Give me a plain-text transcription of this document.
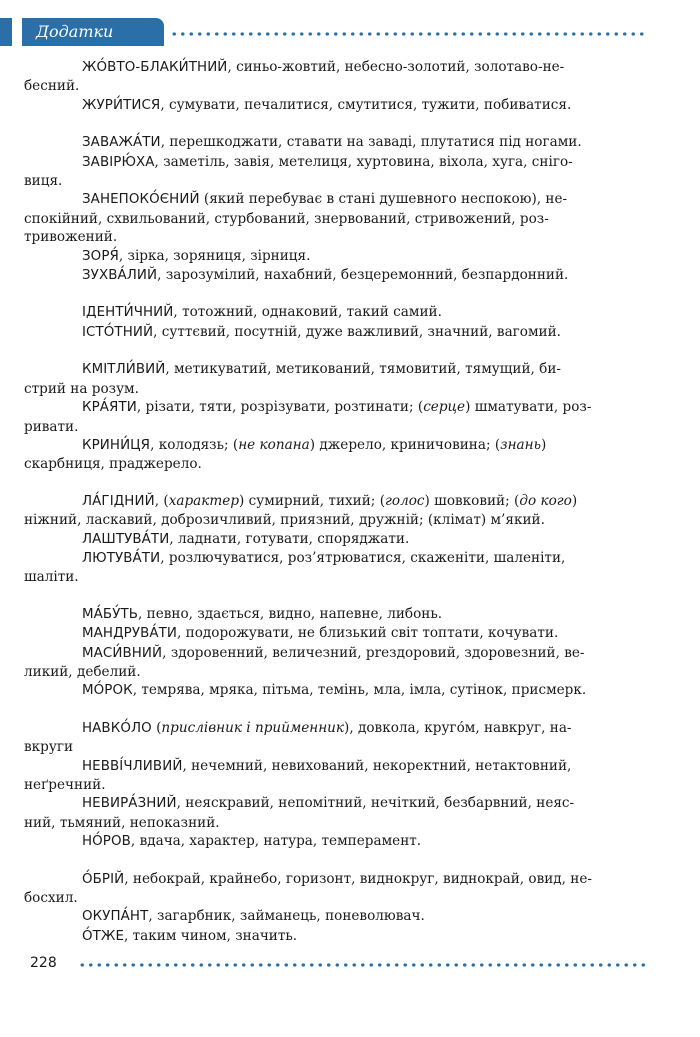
Додатки
ЖО́ВТО-БЛАКИ́ТНИЙ, синьо-жовтий, небесно-золотий, золотаво-не-
бесний.
ЖУРИ́ТИСЯ, сумувати, печалитися, смутитися, тужити, побиватися.
ЗАВАЖА́ТИ, перешкоджати, ставати на заваді, плутатися під ногами.
ЗАВІРЮ́ХА, заметіль, завія, метелиця, хуртовина, віхола, хуга, сніго-
виця.
ЗАНЕПОКО́ЄНИЙ (який перебуває в стані душевного неспокою), не-
спокійний, схвильований, стурбований, знервований, стривожений, роз-
тривожений.
ЗОРЯ́, зірка, зоряниця, зірниця.
ЗУХВА́ЛИЙ, зарозумілий, нахабний, безцеремонний, безпардонний.
ІДЕНТИ́ЧНИЙ, тотожний, однаковий, такий самий.
ІСТО́ТНИЙ, суттєвий, посутній, дуже важливий, значний, вагомий.
КМІТЛИ́ВИЙ, метикуватий, метикований, тямовитий, тямущий, би-
стрий на розум.
КРА́ЯТИ, різати, тяти, розрізувати, розтинати; (серце) шматувати, роз-
ривати.
КРИНИ́ЦЯ, колодязь; (не копана) джерело, криничовина; (знань)
скарбниця, праджерело.
ЛА́ГІДНИЙ, (характер) сумирний, тихий; (голос) шовковий; (до кого)
ніжний, ласкавий, доброзичливий, приязний, дружній; (клімат) м’який.
ЛАШТУВА́ТИ, ладнати, готувати, споряджати.
ЛЮТУВА́ТИ, розлючуватися, роз’ятрюватися, скаженіти, шаленіти,
шаліти.
МА́БУ́ТЬ, певно, здається, видно, напевне, либонь.
МАНДРУВА́ТИ, подорожувати, не близький світ топтати, кочувати.
МАСИ́ВНИЙ, здоровенний, величезний, preздоровий, здоровезний, ве-
ликий, дебелий.
МО́РОК, темрява, мряка, пітьма, темінь, мла, імла, сутінок, присмерк.
НАВКО́ЛО (прислівник і прийменник), довкола, круго́м, навкруг, на-
вкруги
НЕВВІ́ЧЛИВИЙ, нечемний, невихований, некоректний, нетактовний,
неґречний.
НЕВИРА́ЗНИЙ, неяскравий, непомітний, нечіткий, безбарвний, неяс-
ний, тьмяний, непоказний.
НО́РОВ, вдача, характер, натура, темперамент.
О́БРІЙ, небокрай, крайнебо, горизонт, виднокруг, виднокрай, овид, не-
босхил.
ОКУПА́НТ, загарбник, займанець, поневолювач.
О́ТЖЕ, таким чином, значить.
228
